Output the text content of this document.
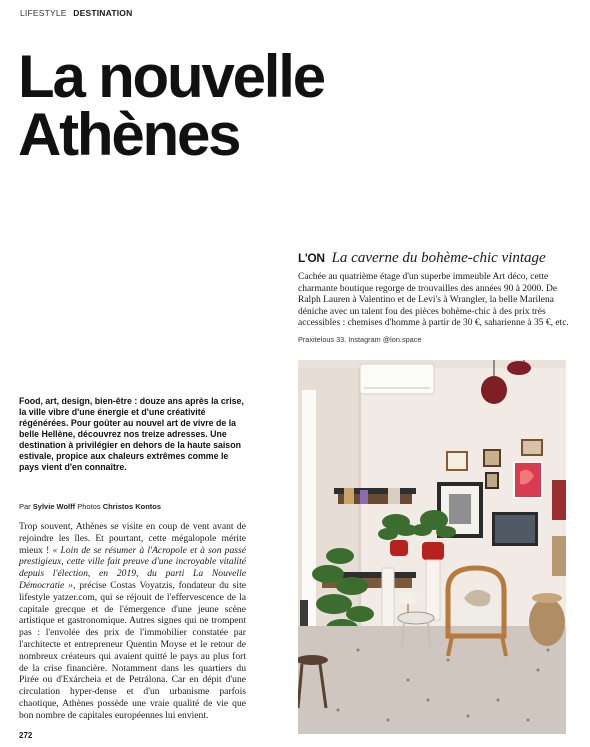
LIFESTYLE DESTINATION
La nouvelle
Athènes
L'ON La caverne du bohème-chic vintage

Cachée au quatrième étage d'un superbe immeuble Art déco, cette charmante boutique regorge de trouvailles des années 90 à 2000. De Ralph Lauren à Valentino et de Levi's à Wrangler, la belle Marilena déniche avec un talent fou des pièces bohème-chic à des prix très accessibles : chemises d'homme à partir de 30 €, saharienne à 35 €, etc.

Praxitelous 33. Instagram @lon.space

Food, art, design, bien-être : douze ans après la crise, la ville vibre d'une énergie et d'une créativité régénérées. Pour goûter au nouvel art de vivre de la belle Hellène, découvrez nos treize adresses. Une destination à privilégier en dehors de la haute saison estivale, propice aux chaleurs extrêmes comme le pays vient d'en connaître.

Par Sylvie Wolff Photos Christos Kontos

Trop souvent, Athènes se visite en coup de vent avant de rejoindre les îles. Et pourtant, cette mégalopole mérite mieux ! « Loin de se résumer à l'Acropole et à son passé prestigieux, cette ville fait preuve d'une incroyable vitalité depuis l'élection, en 2019, du parti La Nouvelle Démocratie », précise Costas Voyatzis, fondateur du site lifestyle yatzer.com, qui se réjouit de l'effervescence de la capitale grecque et de l'émergence d'une jeune scène artistique et gastronomique. Autres signes qui ne trompent pas : l'envolée des prix de l'immobilier constatée par l'architecte et entrepreneur Quentin Moyse et le retour de nombreux créateurs qui avaient quitté le pays au plus fort de la crise financière. Notamment dans les quartiers du Pirée ou d'Exárcheia et de Petrálona. Car en dépit d'une circulation hyper-dense et d'un urbanisme parfois chaotique, Athènes possède une vraie qualité de vie que bon nombre de capitales européennes lui envient.

272
